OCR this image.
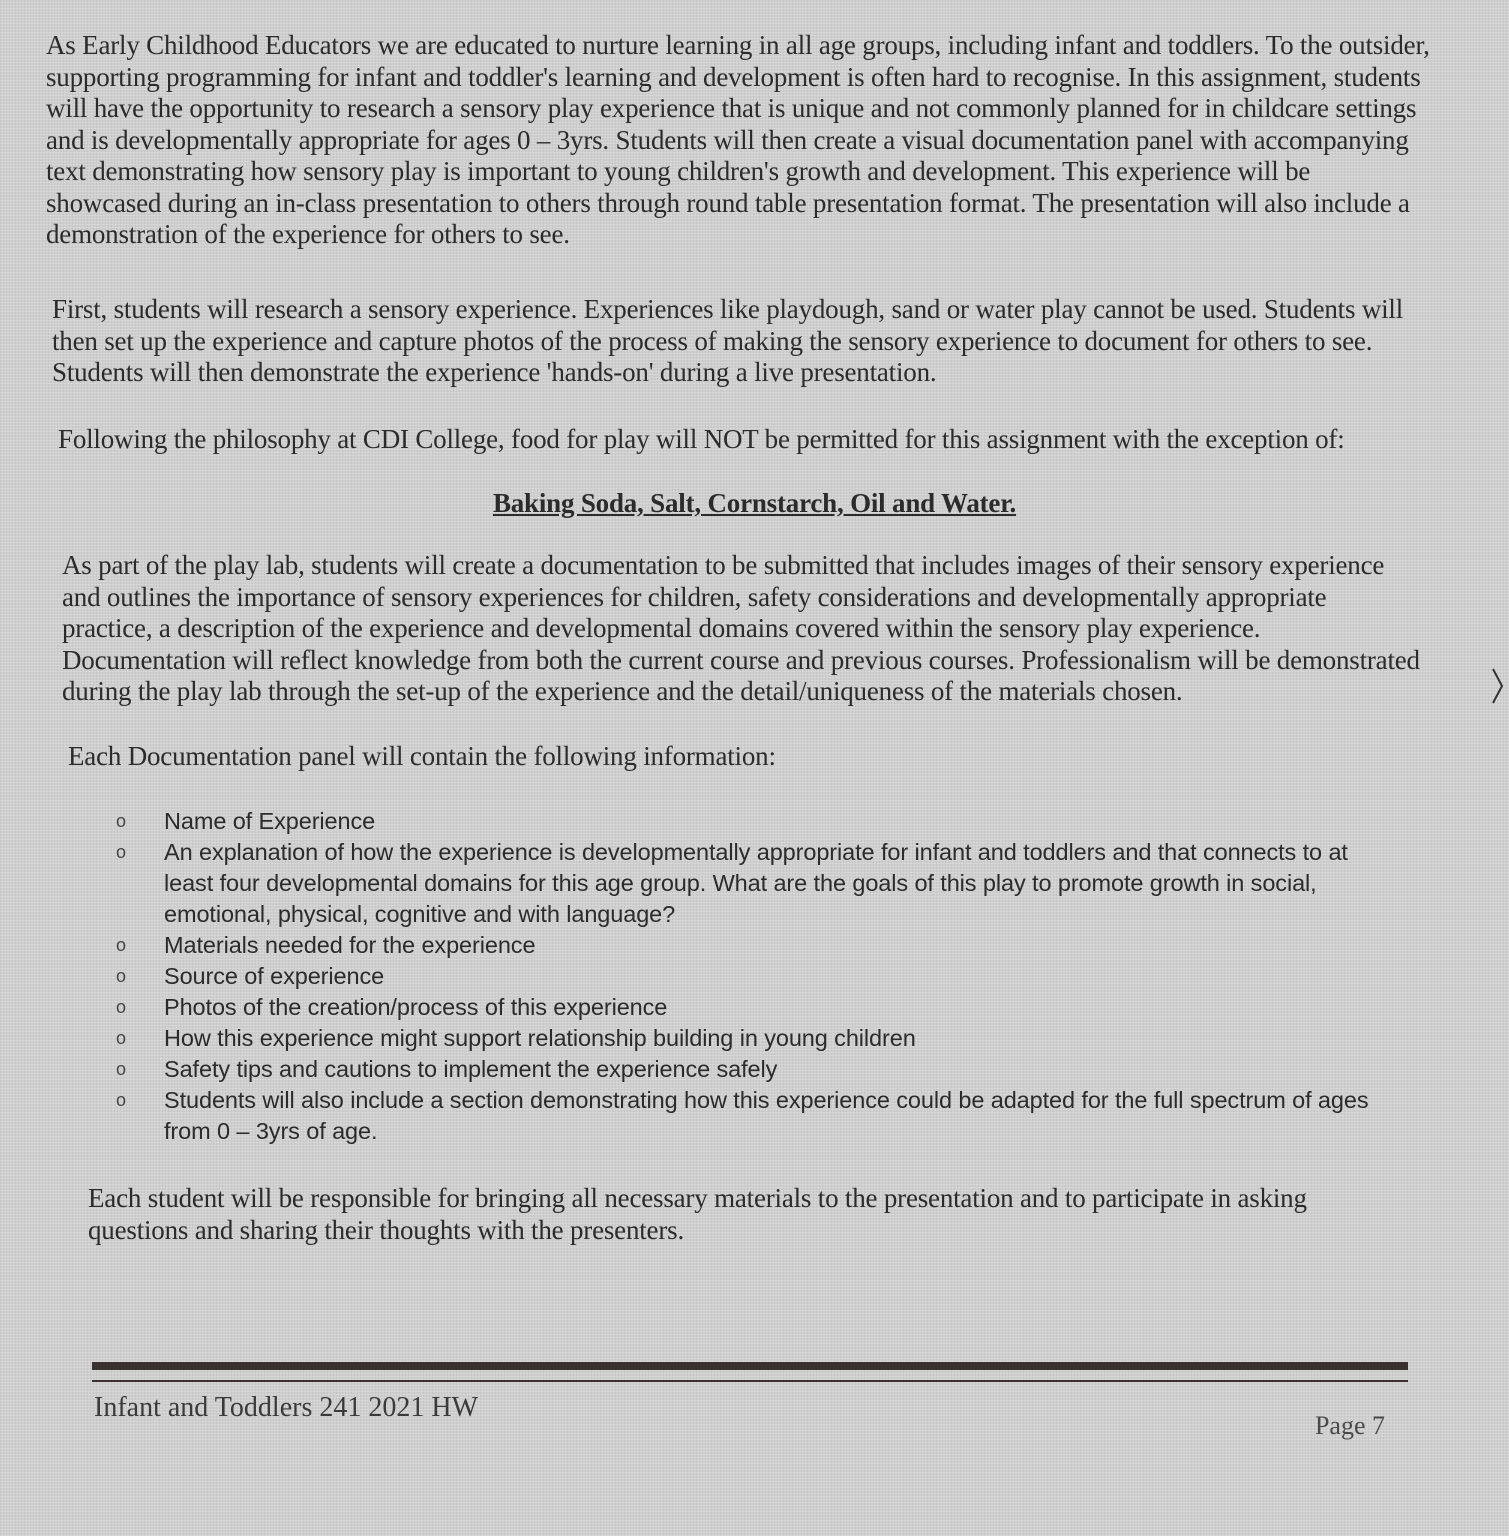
As Early Childhood Educators we are educated to nurture learning in all age groups, including infant and toddlers. To the outsider, supporting programming for infant and toddler's learning and development is often hard to recognise. In this assignment, students will have the opportunity to research a sensory play experience that is unique and not commonly planned for in childcare settings and is developmentally appropriate for ages 0 – 3yrs. Students will then create a visual documentation panel with accompanying text demonstrating how sensory play is important to young children's growth and development. This experience will be showcased during an in-class presentation to others through round table presentation format. The presentation will also include a demonstration of the experience for others to see.

First, students will research a sensory experience. Experiences like playdough, sand or water play cannot be used. Students will then set up the experience and capture photos of the process of making the sensory experience to document for others to see. Students will then demonstrate the experience 'hands-on' during a live presentation.

Following the philosophy at CDI College, food for play will NOT be permitted for this assignment with the exception of:

Baking Soda, Salt, Cornstarch, Oil and Water.

As part of the play lab, students will create a documentation to be submitted that includes images of their sensory experience and outlines the importance of sensory experiences for children, safety considerations and developmentally appropriate practice, a description of the experience and developmental domains covered within the sensory play experience. Documentation will reflect knowledge from both the current course and previous courses. Professionalism will be demonstrated during the play lab through the set-up of the experience and the detail/uniqueness of the materials chosen.

Each Documentation panel will contain the following information:

o Name of Experience
o An explanation of how the experience is developmentally appropriate for infant and toddlers and that connects to at least four developmental domains for this age group. What are the goals of this play to promote growth in social, emotional, physical, cognitive and with language?
o Materials needed for the experience
o Source of experience
o Photos of the creation/process of this experience
o How this experience might support relationship building in young children
o Safety tips and cautions to implement the experience safely
o Students will also include a section demonstrating how this experience could be adapted for the full spectrum of ages from 0 – 3yrs of age.

Each student will be responsible for bringing all necessary materials to the presentation and to participate in asking questions and sharing their thoughts with the presenters.

Infant and Toddlers 241 2021 HW
Page 7
